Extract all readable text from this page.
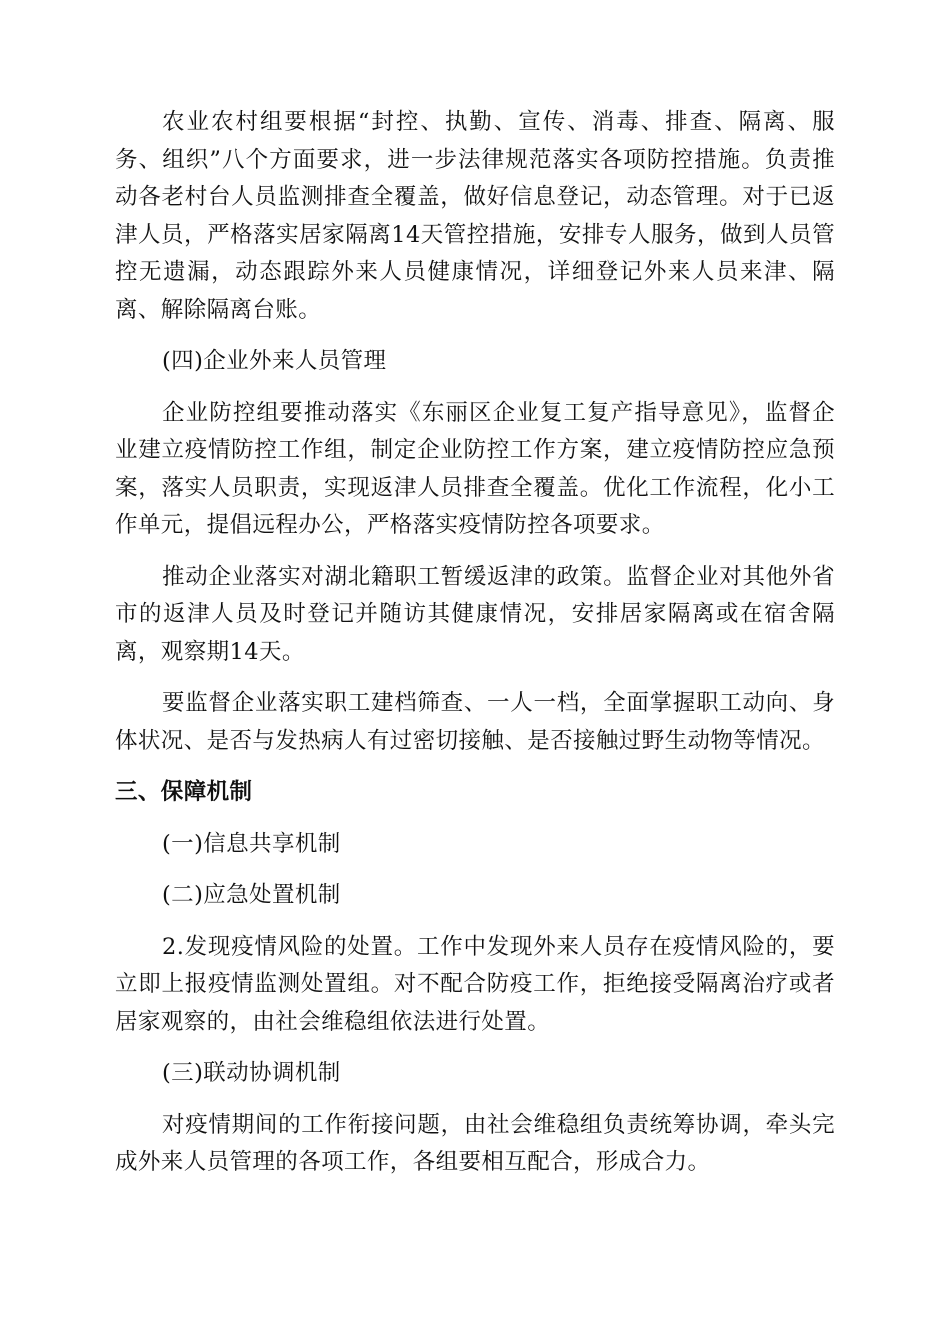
农业农村组要根据“封控、执勤、宣传、消毒、排查、隔离、服务、组织”八个方面要求，进一步法律规范落实各项防控措施。负责推动各老村台人员监测排查全覆盖，做好信息登记，动态管理。对于已返津人员，严格落实居家隔离14天管控措施，安排专人服务，做到人员管控无遗漏，动态跟踪外来人员健康情况，详细登记外来人员来津、隔离、解除隔离台账。

(四)企业外来人员管理

企业防控组要推动落实《东丽区企业复工复产指导意见》，监督企业建立疫情防控工作组，制定企业防控工作方案，建立疫情防控应急预案，落实人员职责，实现返津人员排查全覆盖。优化工作流程，化小工作单元，提倡远程办公，严格落实疫情防控各项要求。

推动企业落实对湖北籍职工暂缓返津的政策。监督企业对其他外省市的返津人员及时登记并随访其健康情况，安排居家隔离或在宿舍隔离，观察期14天。

要监督企业落实职工建档筛查、一人一档，全面掌握职工动向、身体状况、是否与发热病人有过密切接触、是否接触过野生动物等情况。

三、保障机制

(一)信息共享机制

(二)应急处置机制

2.发现疫情风险的处置。工作中发现外来人员存在疫情风险的，要立即上报疫情监测处置组。对不配合防疫工作，拒绝接受隔离治疗或者居家观察的，由社会维稳组依法进行处置。

(三)联动协调机制

对疫情期间的工作衔接问题，由社会维稳组负责统筹协调，牵头完成外来人员管理的各项工作，各组要相互配合，形成合力。
